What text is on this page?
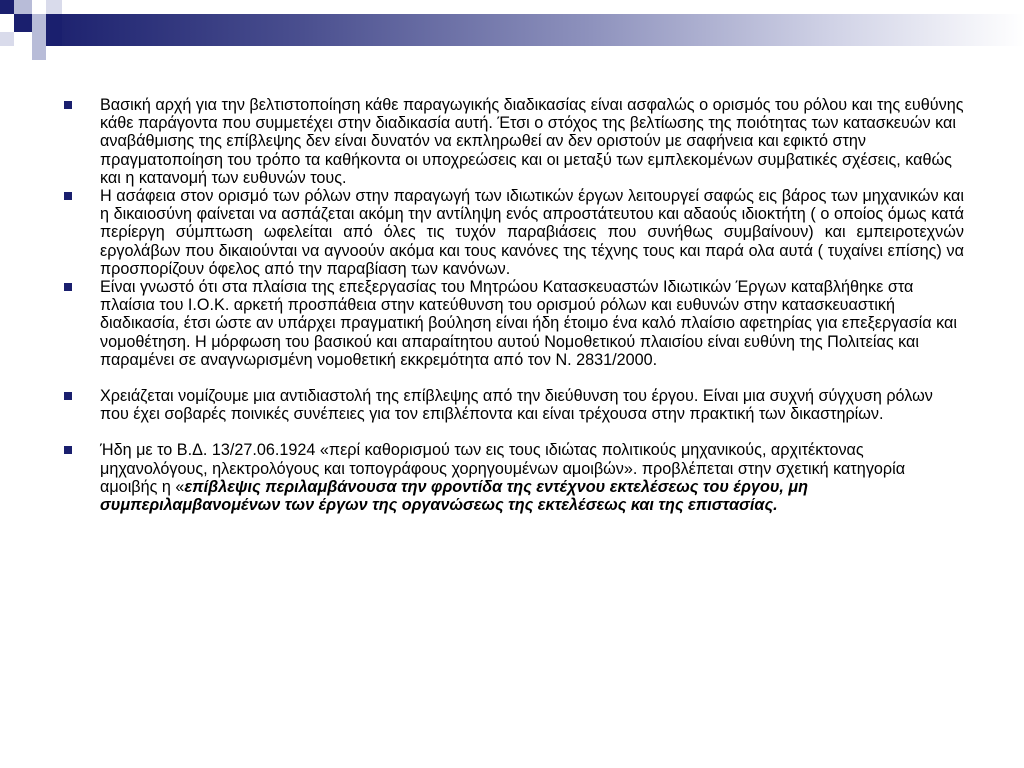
Βασική αρχή για την βελτιστοποίηση κάθε παραγωγικής διαδικασίας είναι ασφαλώς ο ορισμός του ρόλου και της ευθύνης κάθε παράγοντα που συμμετέχει στην διαδικασία αυτή. Έτσι ο στόχος της βελτίωσης της ποιότητας των κατασκευών και αναβάθμισης της επίβλεψης δεν είναι δυνατόν να εκπληρωθεί αν δεν οριστούν με σαφήνεια και εφικτό στην πραγματοποίηση του τρόπο τα καθήκοντα οι υποχρεώσεις και οι μεταξύ των εμπλεκομένων συμβατικές σχέσεις, καθώς και η κατανομή των ευθυνών τους.

Η ασάφεια στον ορισμό των ρόλων στην παραγωγή των ιδιωτικών έργων λειτουργεί σαφώς εις βάρος των μηχανικών και η δικαιοσύνη φαίνεται να ασπάζεται ακόμη την αντίληψη ενός απροστάτευτου και αδαούς ιδιοκτήτη ( ο οποίος όμως κατά περίεργη σύμπτωση ωφελείται από όλες τις τυχόν παραβιάσεις που συνήθως συμβαίνουν) και εμπειροτεχνών εργολάβων που δικαιούνται να αγνοούν ακόμα και τους κανόνες της τέχνης τους και παρά ολα αυτά ( τυχαίνει επίσης) να προσπορίζουν όφελος από την παραβίαση των κανόνων.

Είναι γνωστό ότι στα πλαίσια της επεξεργασίας του Μητρώου Κατασκευαστών Ιδιωτικών Έργων καταβλήθηκε στα πλαίσια του Ι.Ο.Κ. αρκετή προσπάθεια στην κατεύθυνση του ορισμού ρόλων και ευθυνών στην κατασκευαστική διαδικασία, έτσι ώστε αν υπάρχει πραγματική βούληση είναι ήδη έτοιμο ένα καλό πλαίσιο αφετηρίας για επεξεργασία και νομοθέτηση. Η μόρφωση του βασικού και απαραίτητου αυτού Νομοθετικού πλαισίου είναι ευθύνη της Πολιτείας και παραμένει σε αναγνωρισμένη νομοθετική εκκρεμότητα από τον Ν. 2831/2000.

Χρειάζεται νομίζουμε μια αντιδιαστολή της επίβλεψης από την διεύθυνση του έργου. Είναι μια συχνή σύγχυση ρόλων που έχει σοβαρές ποινικές συνέπειες για τον επιβλέποντα και είναι τρέχουσα στην πρακτική των δικαστηρίων.

Ήδη με το Β.Δ. 13/27.06.1924 «περί καθορισμού των εις τους ιδιώτας πολιτικούς μηχανικούς, αρχιτέκτονας μηχανολόγους, ηλεκτρολόγους και τοπογράφους χορηγουμένων αμοιβών». προβλέπεται στην σχετική κατηγορία αμοιβής η «επίβλεψις περιλαμβάνουσα την φροντίδα της εντέχνου εκτελέσεως του έργου, μη συμπεριλαμβανομένων των έργων της οργανώσεως της εκτελέσεως και της επιστασίας.
